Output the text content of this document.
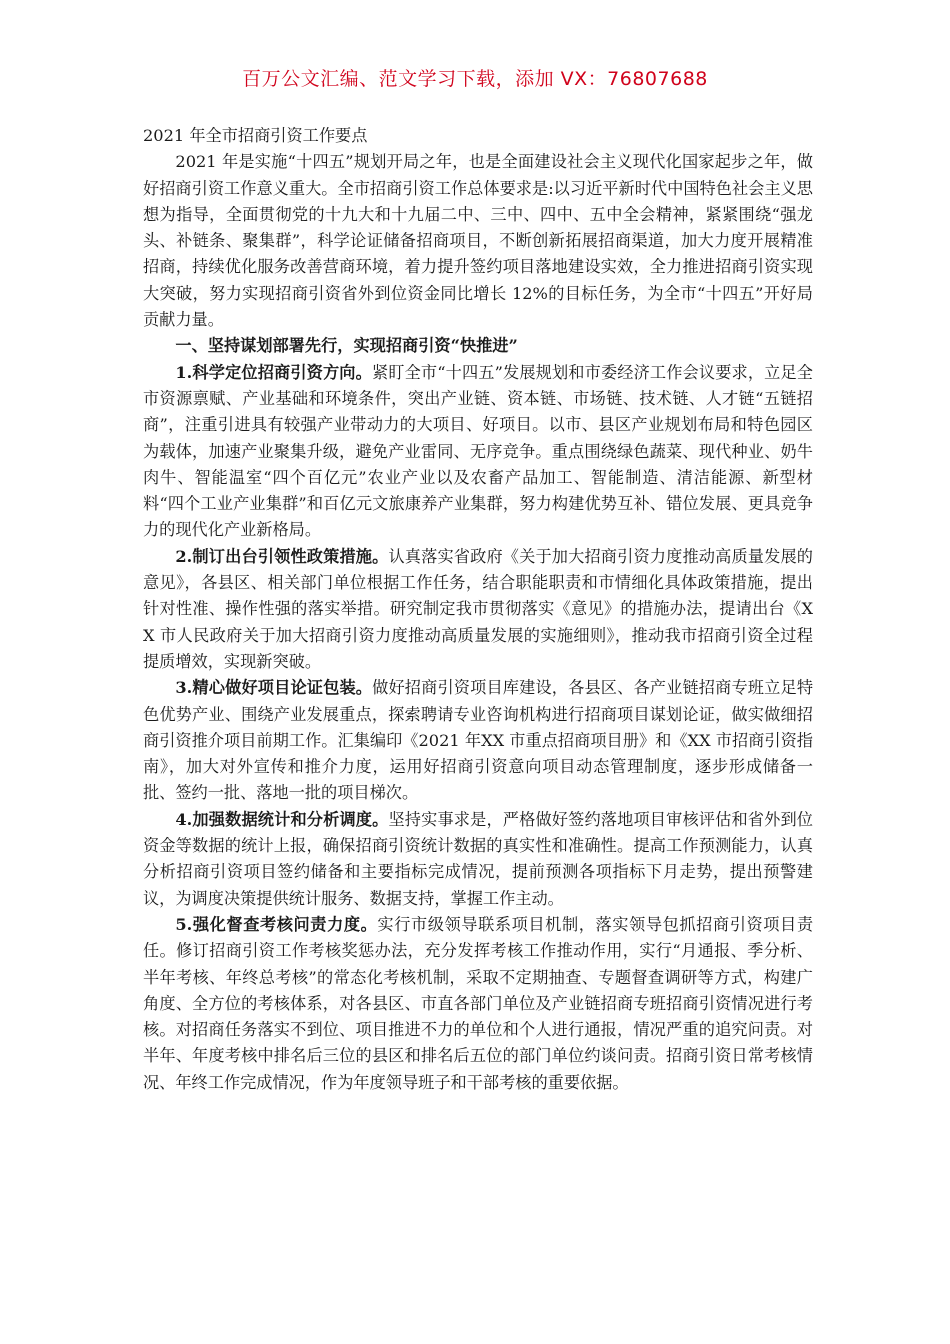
百万公文汇编、范文学习下载，添加 VX：76807688

2021 年全市招商引资工作要点

2021 年是实施“十四五”规划开局之年，也是全面建设社会主义现代化国家起步之年，做好招商引资工作意义重大。全市招商引资工作总体要求是:以习近平新时代中国特色社会主义思想为指导，全面贯彻党的十九大和十九届二中、三中、四中、五中全会精神，紧紧围绕“强龙头、补链条、聚集群”，科学论证储备招商项目，不断创新拓展招商渠道，加大力度开展精准招商，持续优化服务改善营商环境，着力提升签约项目落地建设实效，全力推进招商引资实现大突破，努力实现招商引资省外到位资金同比增长 12%的目标任务，为全市“十四五”开好局贡献力量。

一、坚持谋划部署先行，实现招商引资“快推进”

1.科学定位招商引资方向。紧盯全市“十四五”发展规划和市委经济工作会议要求，立足全市资源禀赋、产业基础和环境条件，突出产业链、资本链、市场链、技术链、人才链“五链招商”，注重引进具有较强产业带动力的大项目、好项目。以市、县区产业规划布局和特色园区为载体，加速产业聚集升级，避免产业雷同、无序竞争。重点围绕绿色蔬菜、现代种业、奶牛肉牛、智能温室“四个百亿元”农业产业以及农畜产品加工、智能制造、清洁能源、新型材料“四个工业产业集群”和百亿元文旅康养产业集群，努力构建优势互补、错位发展、更具竞争力的现代化产业新格局。

2.制订出台引领性政策措施。认真落实省政府《关于加大招商引资力度推动高质量发展的意见》，各县区、相关部门单位根据工作任务，结合职能职责和市情细化具体政策措施，提出针对性准、操作性强的落实举措。研究制定我市贯彻落实《意见》的措施办法，提请出台《XX 市人民政府关于加大招商引资力度推动高质量发展的实施细则》，推动我市招商引资全过程提质增效，实现新突破。

3.精心做好项目论证包装。做好招商引资项目库建设，各县区、各产业链招商专班立足特色优势产业、围绕产业发展重点，探索聘请专业咨询机构进行招商项目谋划论证，做实做细招商引资推介项目前期工作。汇集编印《2021 年XX 市重点招商项目册》和《XX 市招商引资指南》，加大对外宣传和推介力度，运用好招商引资意向项目动态管理制度，逐步形成储备一批、签约一批、落地一批的项目梯次。

4.加强数据统计和分析调度。坚持实事求是，严格做好签约落地项目审核评估和省外到位资金等数据的统计上报，确保招商引资统计数据的真实性和准确性。提高工作预测能力，认真分析招商引资项目签约储备和主要指标完成情况，提前预测各项指标下月走势，提出预警建议，为调度决策提供统计服务、数据支持，掌握工作主动。

5.强化督查考核问责力度。实行市级领导联系项目机制，落实领导包抓招商引资项目责任。修订招商引资工作考核奖惩办法，充分发挥考核工作推动作用，实行“月通报、季分析、半年考核、年终总考核”的常态化考核机制，采取不定期抽查、专题督查调研等方式，构建广角度、全方位的考核体系，对各县区、市直各部门单位及产业链招商专班招商引资情况进行考核。对招商任务落实不到位、项目推进不力的单位和个人进行通报，情况严重的追究问责。对半年、年度考核中排名后三位的县区和排名后五位的部门单位约谈问责。招商引资日常考核情况、年终工作完成情况，作为年度领导班子和干部考核的重要依据。
